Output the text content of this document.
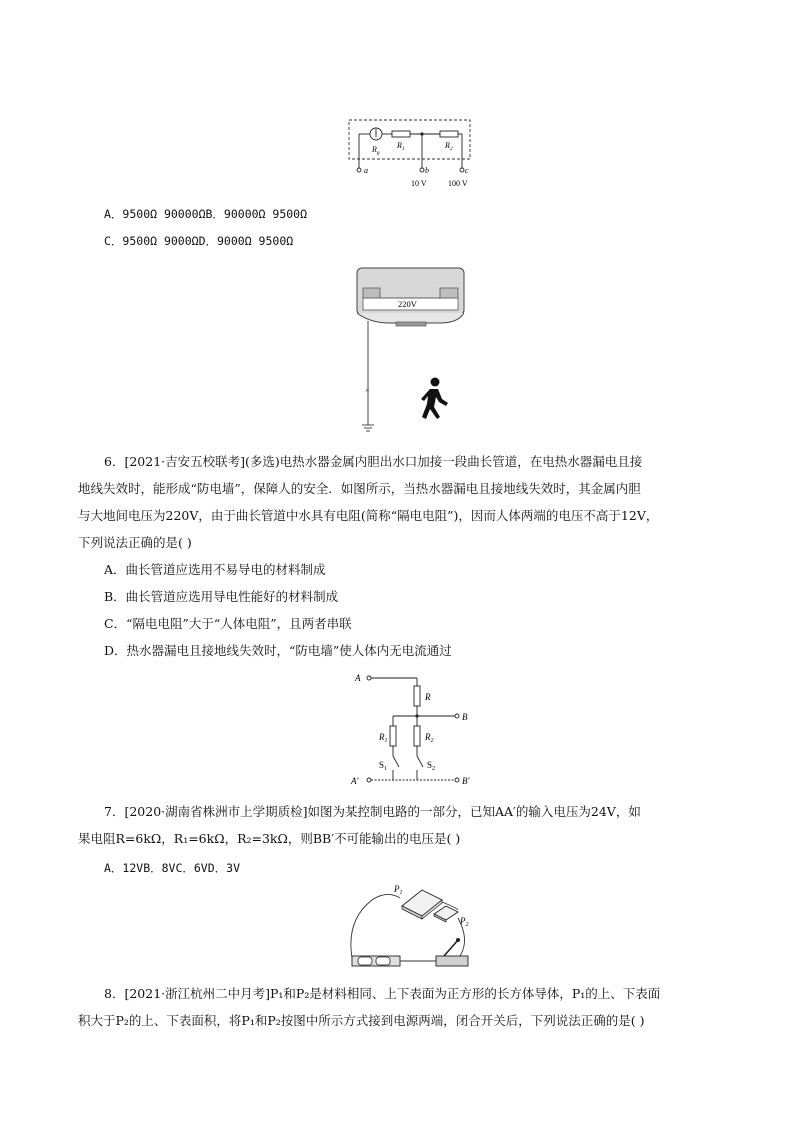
$R_g$
$R_1$	$R_2$
a	b	c
10 V	100 V
A．9500Ω 90000ΩB．90000Ω 9500Ω
C．9500Ω 9000ΩD．9000Ω 9500Ω
220V
×
6．[2021·吉安五校联考](多选)电热水器金属内胆出水口加接一段曲长管道，在电热水器漏电且接
地线失效时，能形成“防电墙”，保障人的安全．如图所示，当热水器漏电且接地线失效时，其金属内胆
与大地间电压为220V，由于曲长管道中水具有电阻(简称“隔电电阻”)，因而人体两端的电压不高于12V，
下列说法正确的是( )
A．曲长管道应选用不易导电的材料制成
B．曲长管道应选用导电性能好的材料制成
C．“隔电电阻”大于“人体电阻”，且两者串联
D．热水器漏电且接地线失效时，“防电墙”使人体内无电流通过
A
R
B
$R_1$
$S_1$
$R_2$
$S_2$
A′	B′
7．[2020·湖南省株洲市上学期质检]如图为某控制电路的一部分，已知AA′的输入电压为24V，如
果电阻R=6kΩ，R₁=6kΩ，R₂=3kΩ，则BB′不可能输出的电压是( )
A．12VB．8VC．6VD．3V
$P_1$
$P_2$
8．[2021·浙江杭州二中月考]P₁和P₂是材料相同、上下表面为正方形的长方体导体，P₁的上、下表面
积大于P₂的上、下表面积，将P₁和P₂按图中所示方式接到电源两端，闭合开关后，下列说法正确的是( )
